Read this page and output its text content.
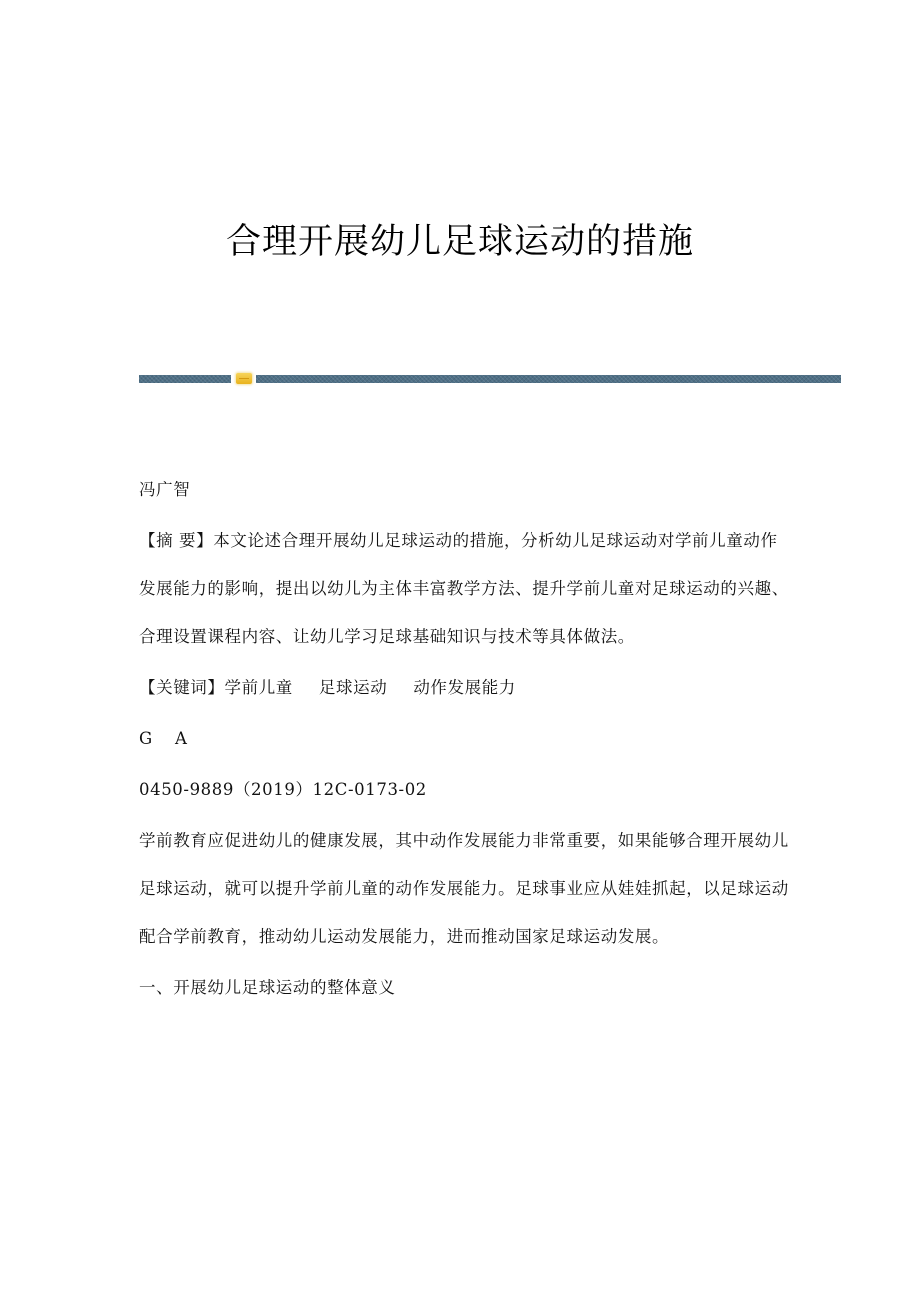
合理开展幼儿足球运动的措施

冯广智

【摘 要】本文论述合理开展幼儿足球运动的措施，分析幼儿足球运动对学前儿童动作发展能力的影响，提出以幼儿为主体丰富教学方法、提升学前儿童对足球运动的兴趣、合理设置课程内容、让幼儿学习足球基础知识与技术等具体做法。

【关键词】学前儿童 足球运动 动作发展能力

G A

0450-9889（2019）12C-0173-02

学前教育应促进幼儿的健康发展，其中动作发展能力非常重要，如果能够合理开展幼儿足球运动，就可以提升学前儿童的动作发展能力。足球事业应从娃娃抓起，以足球运动配合学前教育，推动幼儿运动发展能力，进而推动国家足球运动发展。

一、开展幼儿足球运动的整体意义
